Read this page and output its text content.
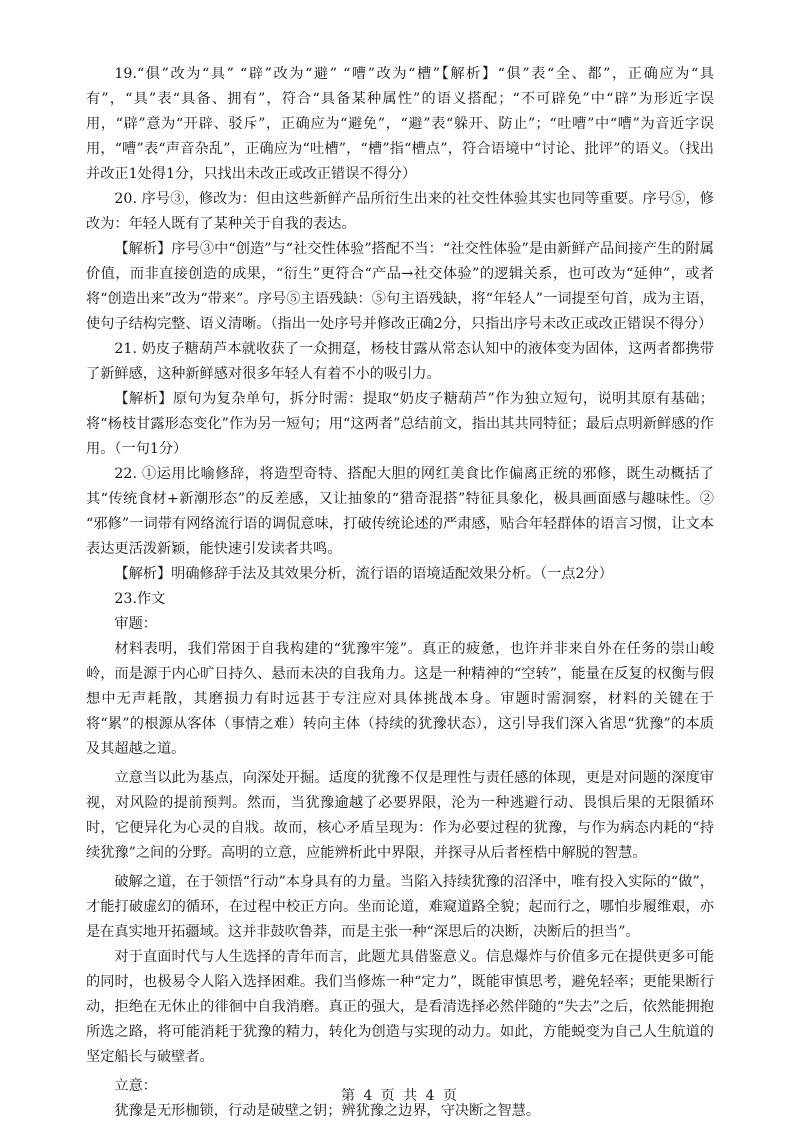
19.“俱”改为“具” “辟”改为“避” “嘈”改为“槽”【解析】“俱”表“全、都”，正确应为“具有”，“具”表“具备、拥有”，符合“具备某种属性”的语义搭配；“不可辟免”中“辟”为形近字误用，“辟”意为“开辟、驳斥”，正确应为“避免”，“避”表“躲开、防止”；“吐嘈”中“嘈”为音近字误用，“嘈”表“声音杂乱”，正确应为“吐槽”，“槽”指“槽点”，符合语境中“讨论、批评”的语义。（找出并改正1处得1分，只找出未改正或改正错误不得分）

20. 序号③，修改为：但由这些新鲜产品所衍生出来的社交性体验其实也同等重要。序号⑤，修改为：年轻人既有了某种关于自我的表达。

【解析】序号③中“创造”与“社交性体验”搭配不当：“社交性体验”是由新鲜产品间接产生的附属价值，而非直接创造的成果，“衍生”更符合“产品→社交体验”的逻辑关系，也可改为“延伸”，或者将“创造出来”改为“带来”。序号⑤主语残缺：⑤句主语残缺，将“年轻人”一词提至句首，成为主语，使句子结构完整、语义清晰。（指出一处序号并修改正确2分，只指出序号未改正或改正错误不得分）

21. 奶皮子糖葫芦本就收获了一众拥趸，杨枝甘露从常态认知中的液体变为固体，这两者都携带了新鲜感，这种新鲜感对很多年轻人有着不小的吸引力。

【解析】原句为复杂单句，拆分时需：提取“奶皮子糖葫芦”作为独立短句，说明其原有基础；将“杨枝甘露形态变化”作为另一短句；用“这两者”总结前文，指出其共同特征；最后点明新鲜感的作用。（一句1分）

22. ①运用比喻修辞，将造型奇特、搭配大胆的网红美食比作偏离正统的邪修，既生动概括了其“传统食材+新潮形态”的反差感，又让抽象的“猎奇混搭”特征具象化，极具画面感与趣味性。② “邪修”一词带有网络流行语的调侃意味，打破传统论述的严肃感，贴合年轻群体的语言习惯，让文本表达更活泼新颖，能快速引发读者共鸣。

【解析】明确修辞手法及其效果分析，流行语的语境适配效果分析。（一点2分）

23.作文

审题：

材料表明，我们常困于自我构建的“犹豫牢笼”。真正的疲惫，也许并非来自外在任务的崇山峻岭，而是源于内心旷日持久、悬而未决的自我角力。这是一种精神的“空转”，能量在反复的权衡与假想中无声耗散，其磨损力有时远甚于专注应对具体挑战本身。审题时需洞察，材料的关键在于将“累”的根源从客体（事情之难）转向主体（持续的犹豫状态），这引导我们深入省思“犹豫”的本质及其超越之道。

立意当以此为基点，向深处开掘。适度的犹豫不仅是理性与责任感的体现，更是对问题的深度审视，对风险的提前预判。然而，当犹豫逾越了必要界限，沦为一种逃避行动、畏惧后果的无限循环时，它便异化为心灵的自戕。故而，核心矛盾呈现为：作为必要过程的犹豫，与作为病态内耗的“持续犹豫”之间的分野。高明的立意，应能辨析此中界限，并探寻从后者桎梏中解脱的智慧。

破解之道，在于领悟“行动”本身具有的力量。当陷入持续犹豫的沼泽中，唯有投入实际的“做”，才能打破虚幻的循环，在过程中校正方向。坐而论道，难窥道路全貌；起而行之，哪怕步履维艰，亦是在真实地开拓疆域。这并非鼓吹鲁莽，而是主张一种“深思后的决断，决断后的担当”。

对于直面时代与人生选择的青年而言，此题尤具借鉴意义。信息爆炸与价值多元在提供更多可能的同时，也极易令人陷入选择困难。我们当修炼一种“定力”，既能审慎思考，避免轻率；更能果断行动，拒绝在无休止的徘徊中自我消磨。真正的强大，是看清选择必然伴随的“失去”之后，依然能拥抱所选之路，将可能消耗于犹豫的精力，转化为创造与实现的动力。如此，方能蜕变为自己人生航道的坚定船长与破壁者。

立意：

犹豫是无形枷锁，行动是破壁之钥；辨犹豫之边界，守决断之智慧。

第 4 页 共 4 页
